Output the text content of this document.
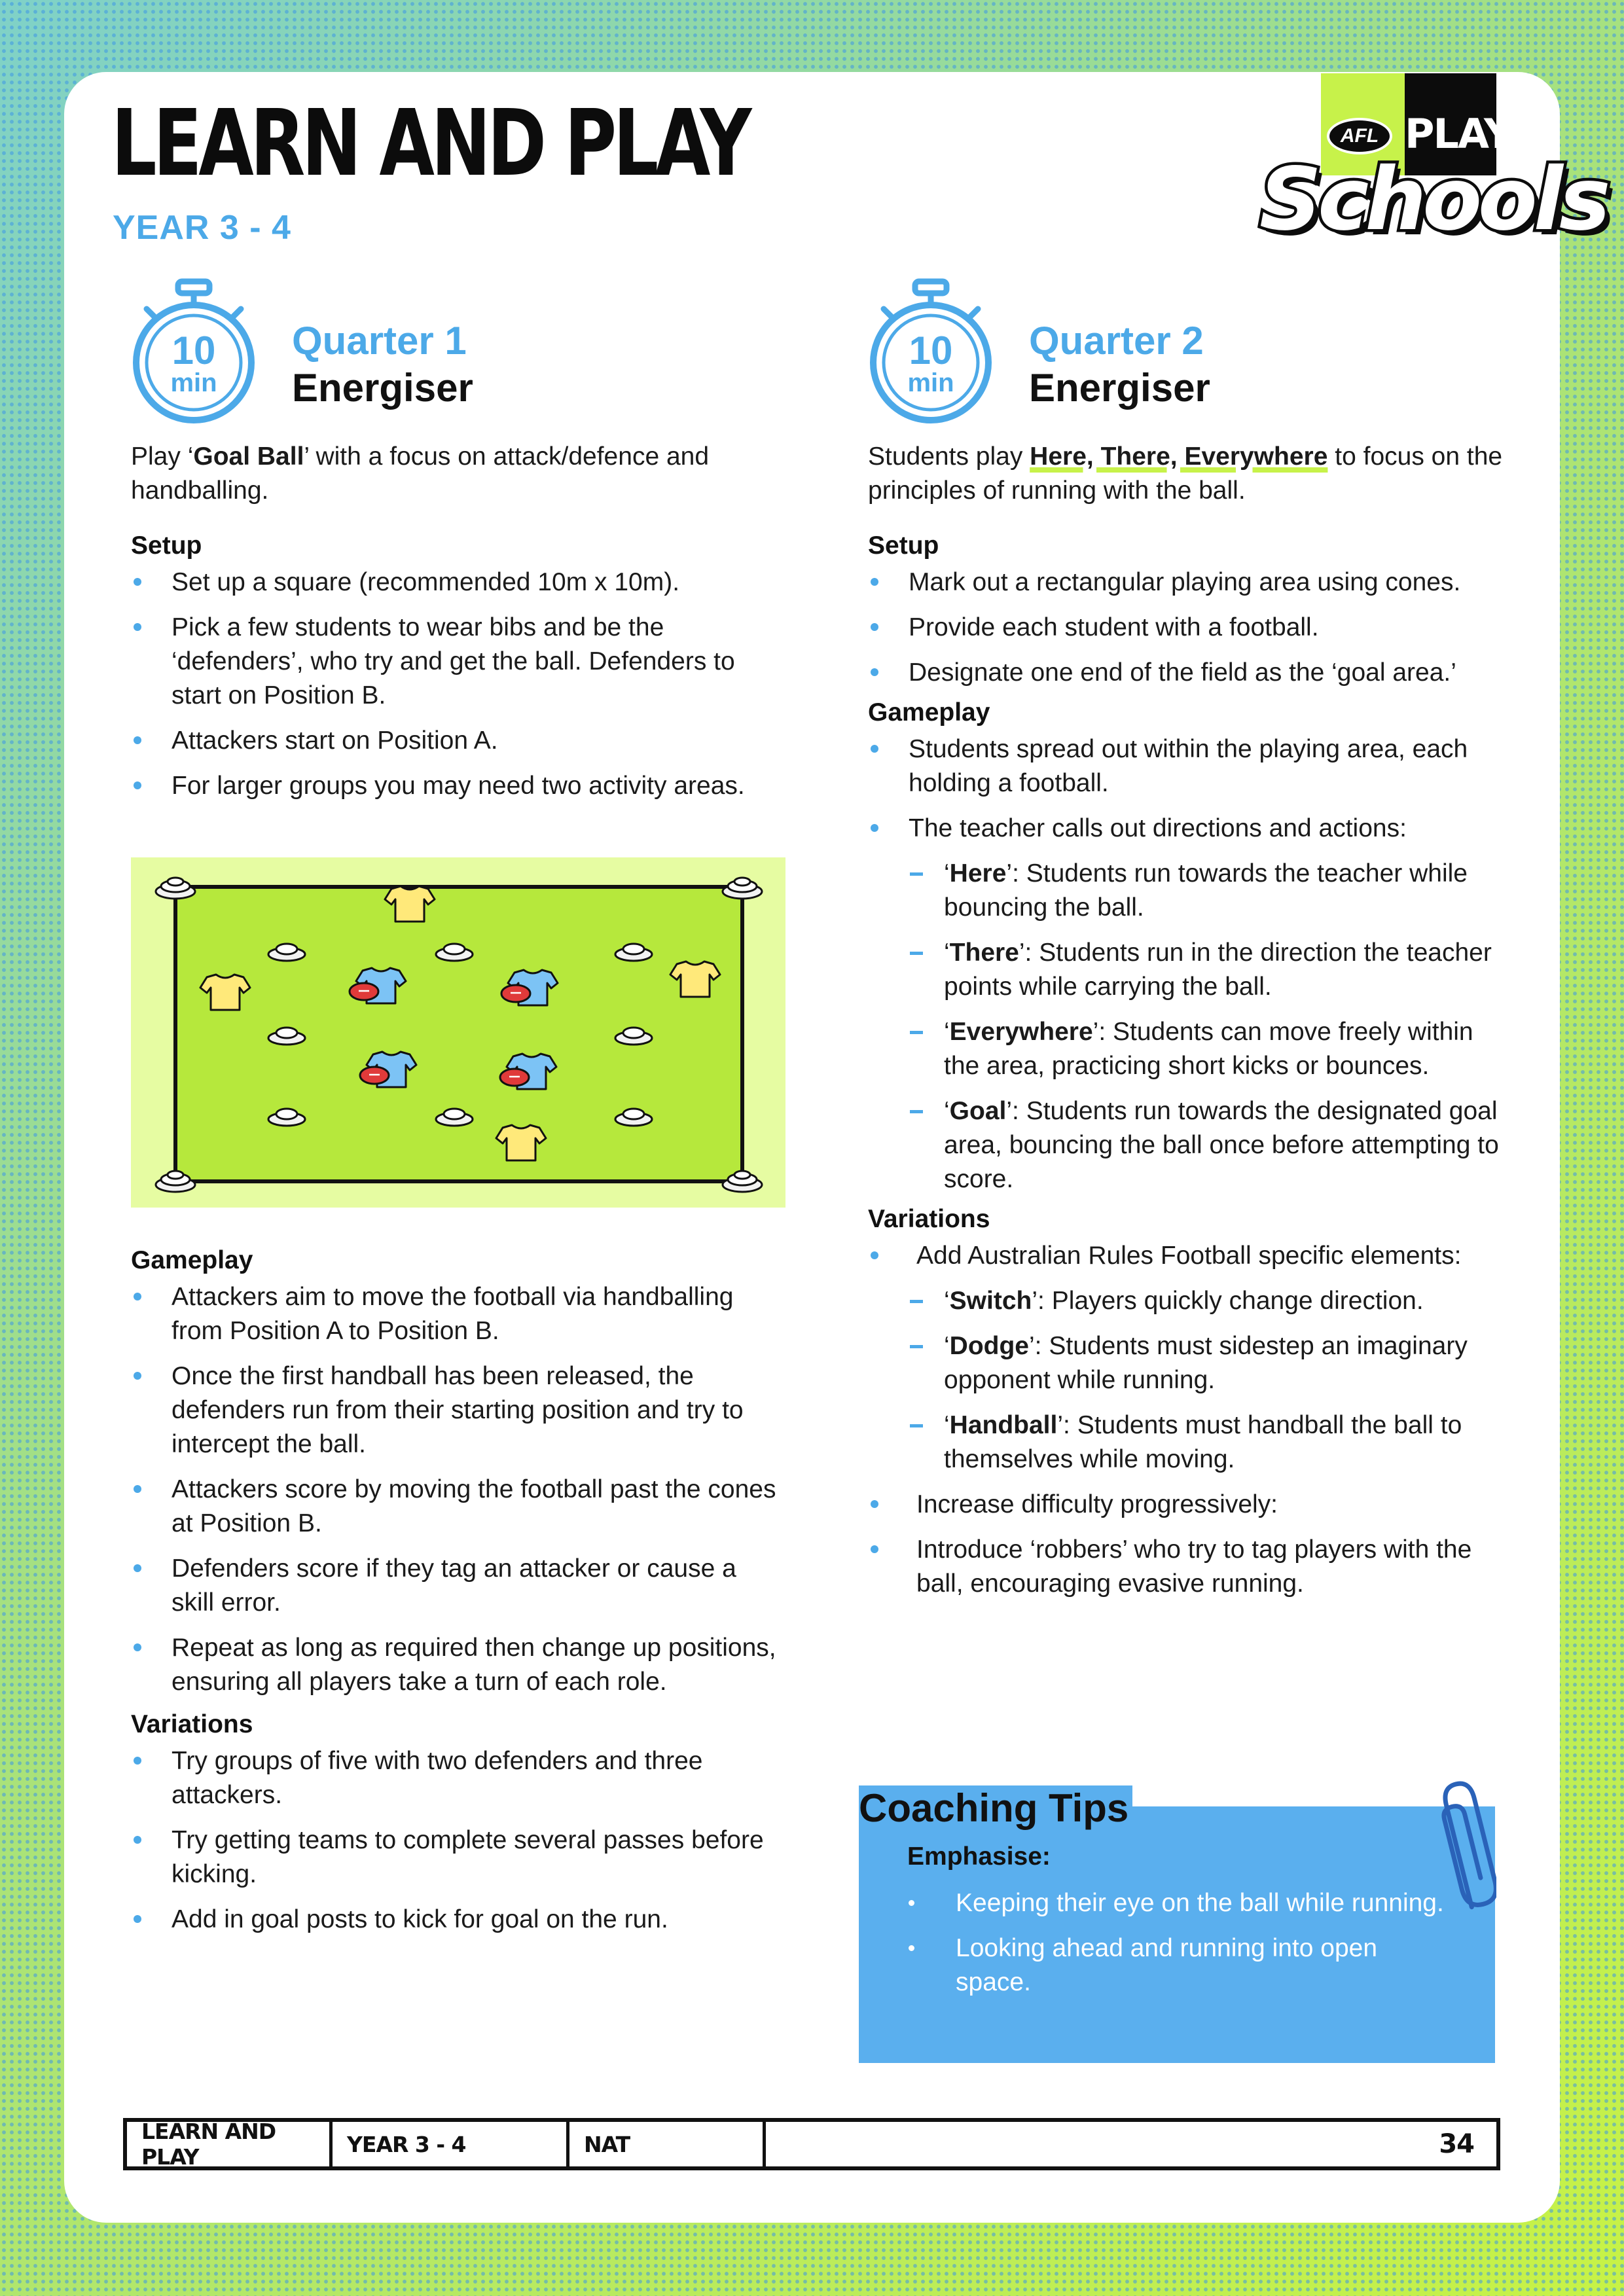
LEARN AND PLAY
YEAR 3 - 4
AFL PLAY
Schools
10
min
Quarter 1
Energiser
Play ‘Goal Ball’ with a focus on attack/defence and handballing.
Setup
Set up a square (recommended 10m x 10m).
Pick a few students to wear bibs and be the ‘defenders’, who try and get the ball. Defenders to start on Position B.
Attackers start on Position A.
For larger groups you may need two activity areas.
Gameplay
Attackers aim to move the football via handballing from Position A to Position B.
Once the first handball has been released, the defenders run from their starting position and try to intercept the ball.
Attackers score by moving the football past the cones at Position B.
Defenders score if they tag an attacker or cause a skill error.
Repeat as long as required then change up positions, ensuring all players take a turn of each role.
Variations
Try groups of five with two defenders and three attackers.
Try getting teams to complete several passes before kicking.
Add in goal posts to kick for goal on the run.
10
min
Quarter 2
Energiser
Students play Here, There, Everywhere to focus on the principles of running with the ball.
Setup
Mark out a rectangular playing area using cones.
Provide each student with a football.
Designate one end of the field as the ‘goal area.’
Gameplay
Students spread out within the playing area, each holding a football.
The teacher calls out directions and actions:
‘Here’: Students run towards the teacher while bouncing the ball.
‘There’: Students run in the direction the teacher points while carrying the ball.
‘Everywhere’: Students can move freely within the area, practicing short kicks or bounces.
‘Goal’: Students run towards the designated goal area, bouncing the ball once before attempting to score.
Variations
Add Australian Rules Football specific elements:
‘Switch’: Players quickly change direction.
‘Dodge’: Students must sidestep an imaginary opponent while running.
‘Handball’: Students must handball the ball to themselves while moving.
Increase difficulty progressively:
Introduce ‘robbers’ who try to tag players with the ball, encouraging evasive running.
Coaching Tips
Emphasise:
Keeping their eye on the ball while running.
Looking ahead and running into open space.
LEARN AND PLAY	YEAR 3 - 4	NAT	34
